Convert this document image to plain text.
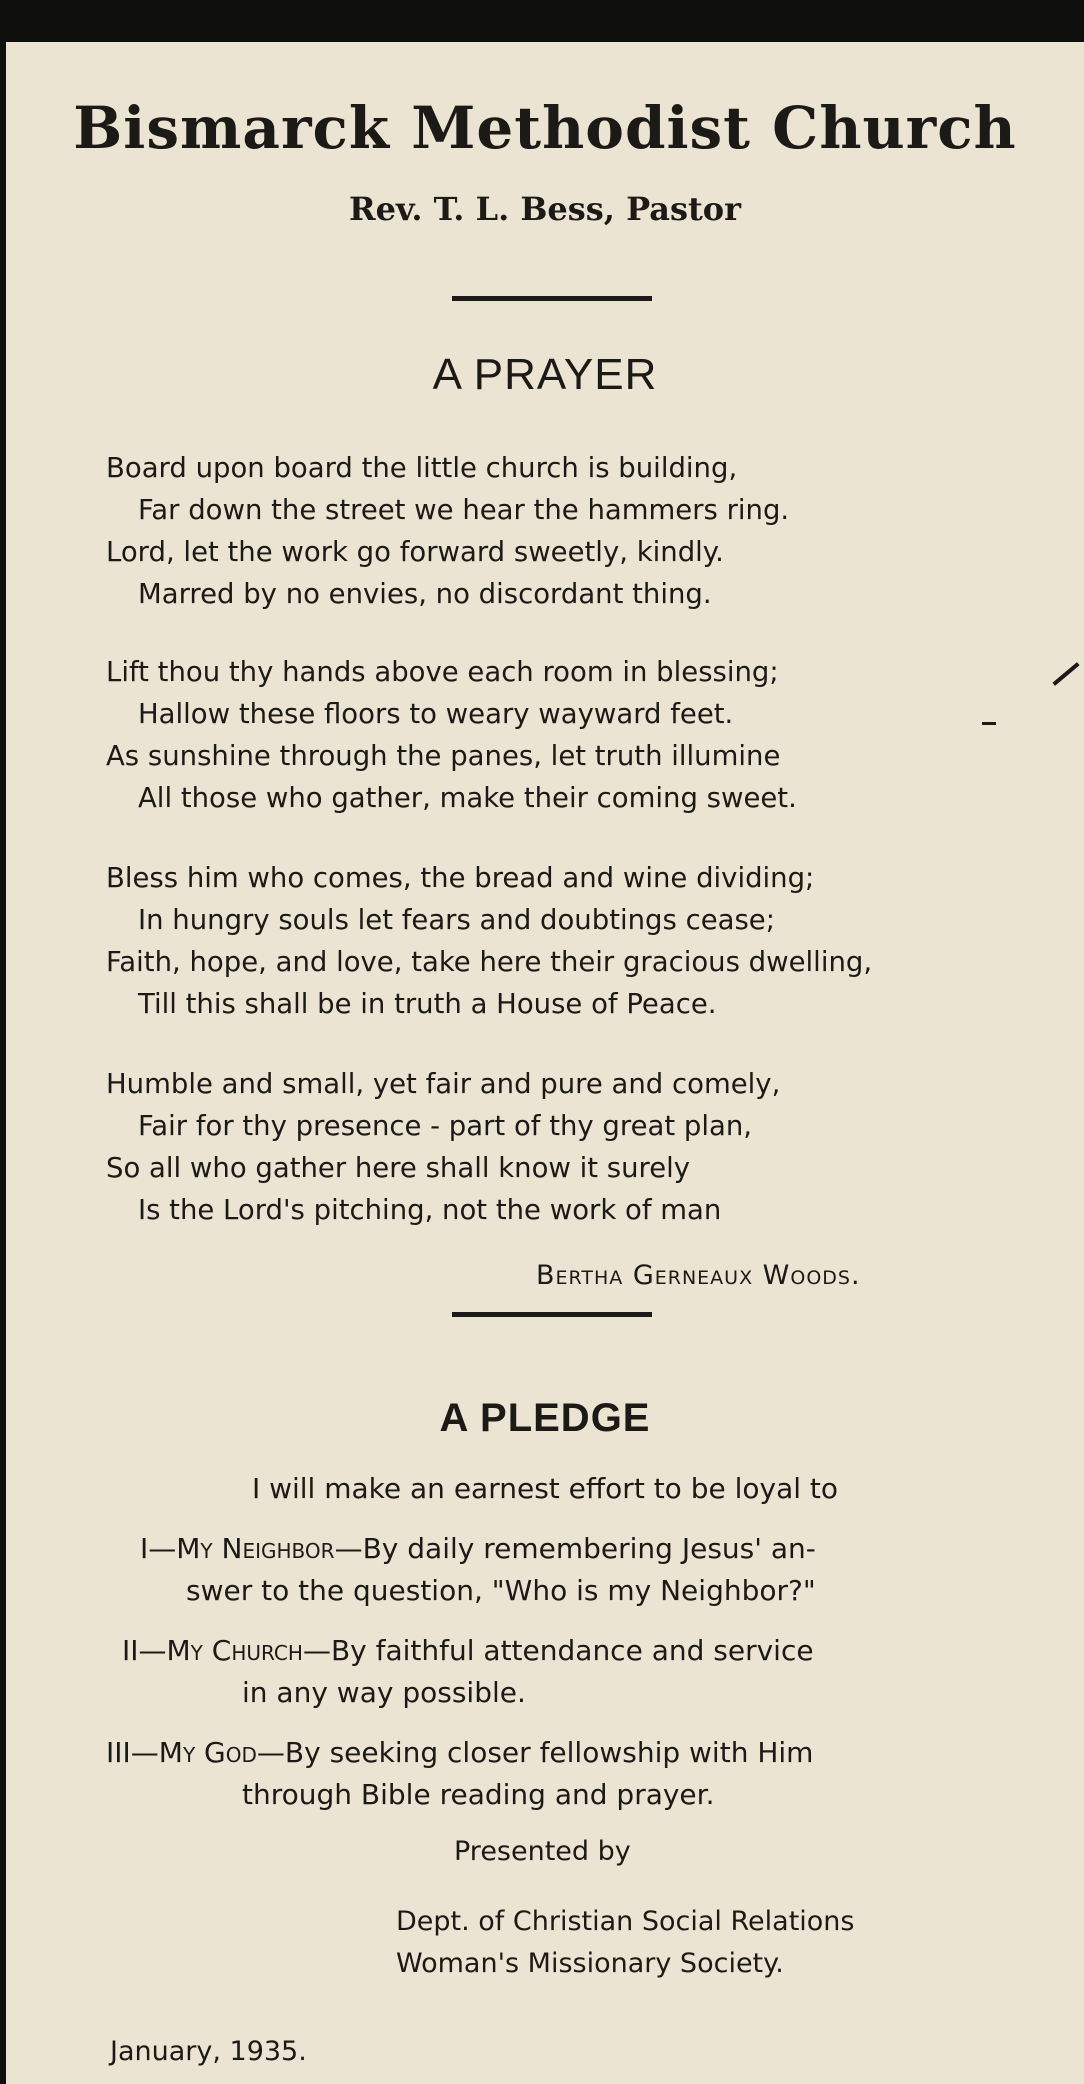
Bismarck Methodist Church
Rev. T. L. Bess, Pastor
A PRAYER
Board upon board the little church is building,
Far down the street we hear the hammers ring.
Lord, let the work go forward sweetly, kindly.
Marred by no envies, no discordant thing.
Lift thou thy hands above each room in blessing;
Hallow these floors to weary wayward feet.
As sunshine through the panes, let truth illumine
All those who gather, make their coming sweet.
Bless him who comes, the bread and wine dividing;
In hungry souls let fears and doubtings cease;
Faith, hope, and love, take here their gracious dwelling,
Till this shall be in truth a House of Peace.
Humble and small, yet fair and pure and comely,
Fair for thy presence - part of thy great plan,
So all who gather here shall know it surely
Is the Lord's pitching, not the work of man
Bertha Gerneaux Woods.
A PLEDGE
I will make an earnest effort to be loyal to
I—My Neighbor—By daily remembering Jesus' an-
swer to the question, "Who is my Neighbor?"
II—My Church—By faithful attendance and service
in any way possible.
III—My God—By seeking closer fellowship with Him
through Bible reading and prayer.
Presented by
Dept. of Christian Social Relations
Woman's Missionary Society.
January, 1935.
